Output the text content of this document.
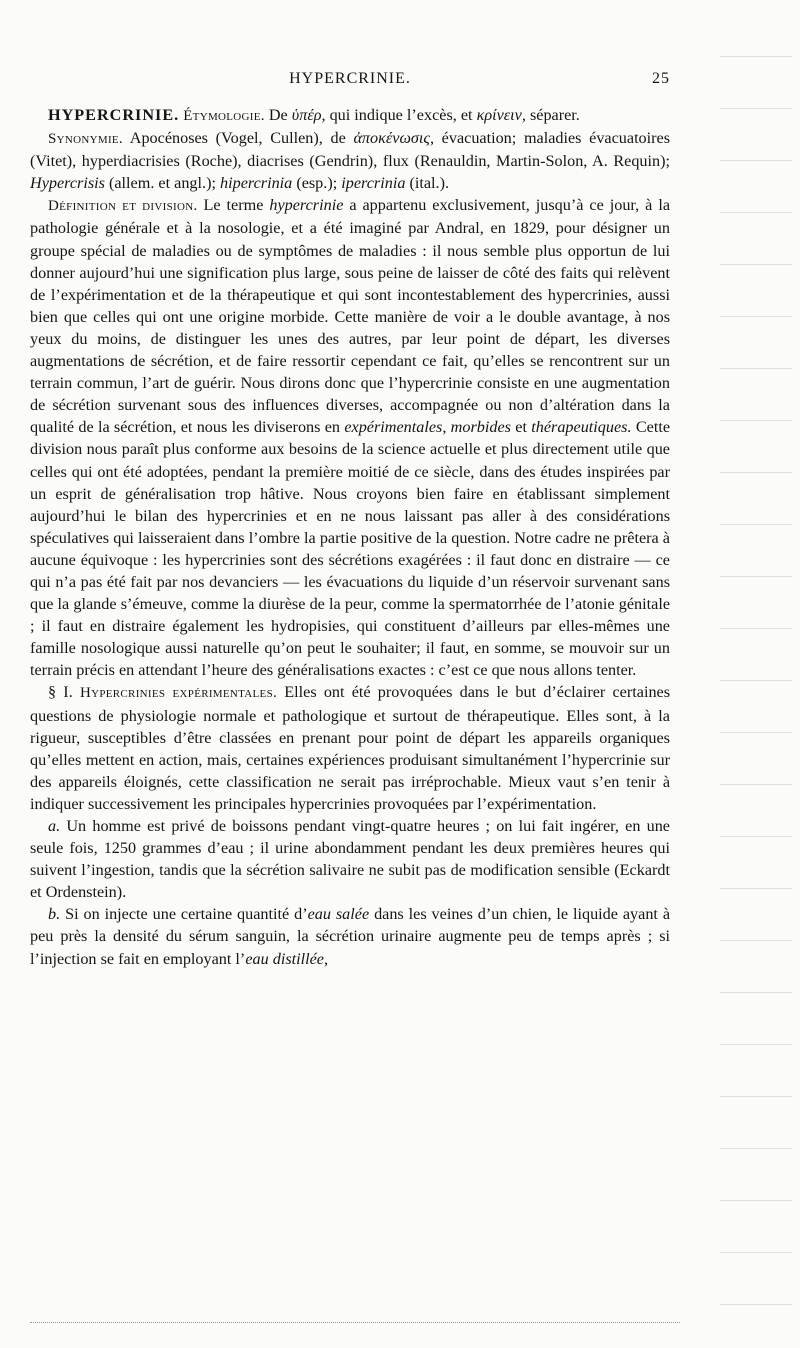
HYPERCRINIE.	25

HYPERCRINIE. Étymologie. De ὑπέρ, qui indique l’excès, et κρίνειν, séparer.

Synonymie. Apocénoses (Vogel, Cullen), de ἀποκένωσις, évacuation; maladies évacuatoires (Vitet), hyperdiacrisies (Roche), diacrises (Gendrin), flux (Renauldin, Martin-Solon, A. Requin); Hypercrisis (allem. et angl.); hipercrinia (esp.); ipercrinia (ital.).

Définition et division. Le terme hypercrinie a appartenu exclusivement, jusqu’à ce jour, à la pathologie générale et à la nosologie, et a été imaginé par Andral, en 1829, pour désigner un groupe spécial de maladies ou de symptômes de maladies : il nous semble plus opportun de lui donner aujourd’hui une signification plus large, sous peine de laisser de côté des faits qui relèvent de l’expérimentation et de la thérapeutique et qui sont incontestablement des hypercrinies, aussi bien que celles qui ont une origine morbide. Cette manière de voir a le double avantage, à nos yeux du moins, de distinguer les unes des autres, par leur point de départ, les diverses augmentations de sécrétion, et de faire ressortir cependant ce fait, qu’elles se rencontrent sur un terrain commun, l’art de guérir. Nous dirons donc que l’hypercrinie consiste en une augmentation de sécrétion survenant sous des influences diverses, accompagnée ou non d’altération dans la qualité de la sécrétion, et nous les diviserons en expérimentales, morbides et thérapeutiques. Cette division nous paraît plus conforme aux besoins de la science actuelle et plus directement utile que celles qui ont été adoptées, pendant la première moitié de ce siècle, dans des études inspirées par un esprit de généralisation trop hâtive. Nous croyons bien faire en établissant simplement aujourd’hui le bilan des hypercrinies et en ne nous laissant pas aller à des considérations spéculatives qui laisseraient dans l’ombre la partie positive de la question. Notre cadre ne prêtera à aucune équivoque : les hypercrinies sont des sécrétions exagérées : il faut donc en distraire — ce qui n’a pas été fait par nos devanciers — les évacuations du liquide d’un réservoir survenant sans que la glande s’émeuve, comme la diurèse de la peur, comme la spermatorrhée de l’atonie génitale ; il faut en distraire également les hydropisies, qui constituent d’ailleurs par elles-mêmes une famille nosologique aussi naturelle qu’on peut le souhaiter; il faut, en somme, se mouvoir sur un terrain précis en attendant l’heure des généralisations exactes : c’est ce que nous allons tenter.

§ I. Hypercrinies expérimentales. Elles ont été provoquées dans le but d’éclairer certaines questions de physiologie normale et pathologique et surtout de thérapeutique. Elles sont, à la rigueur, susceptibles d’être classées en prenant pour point de départ les appareils organiques qu’elles mettent en action, mais, certaines expériences produisant simultanément l’hypercrinie sur des appareils éloignés, cette classification ne serait pas irréprochable. Mieux vaut s’en tenir à indiquer successivement les principales hypercrinies provoquées par l’expérimentation.

a. Un homme est privé de boissons pendant vingt-quatre heures ; on lui fait ingérer, en une seule fois, 1250 grammes d’eau ; il urine abondamment pendant les deux premières heures qui suivent l’ingestion, tandis que la sécrétion salivaire ne subit pas de modification sensible (Eckardt et Ordenstein).

b. Si on injecte une certaine quantité d’eau salée dans les veines d’un chien, le liquide ayant à peu près la densité du sérum sanguin, la sécrétion urinaire augmente peu de temps après ; si l’injection se fait en employant l’eau distillée,
